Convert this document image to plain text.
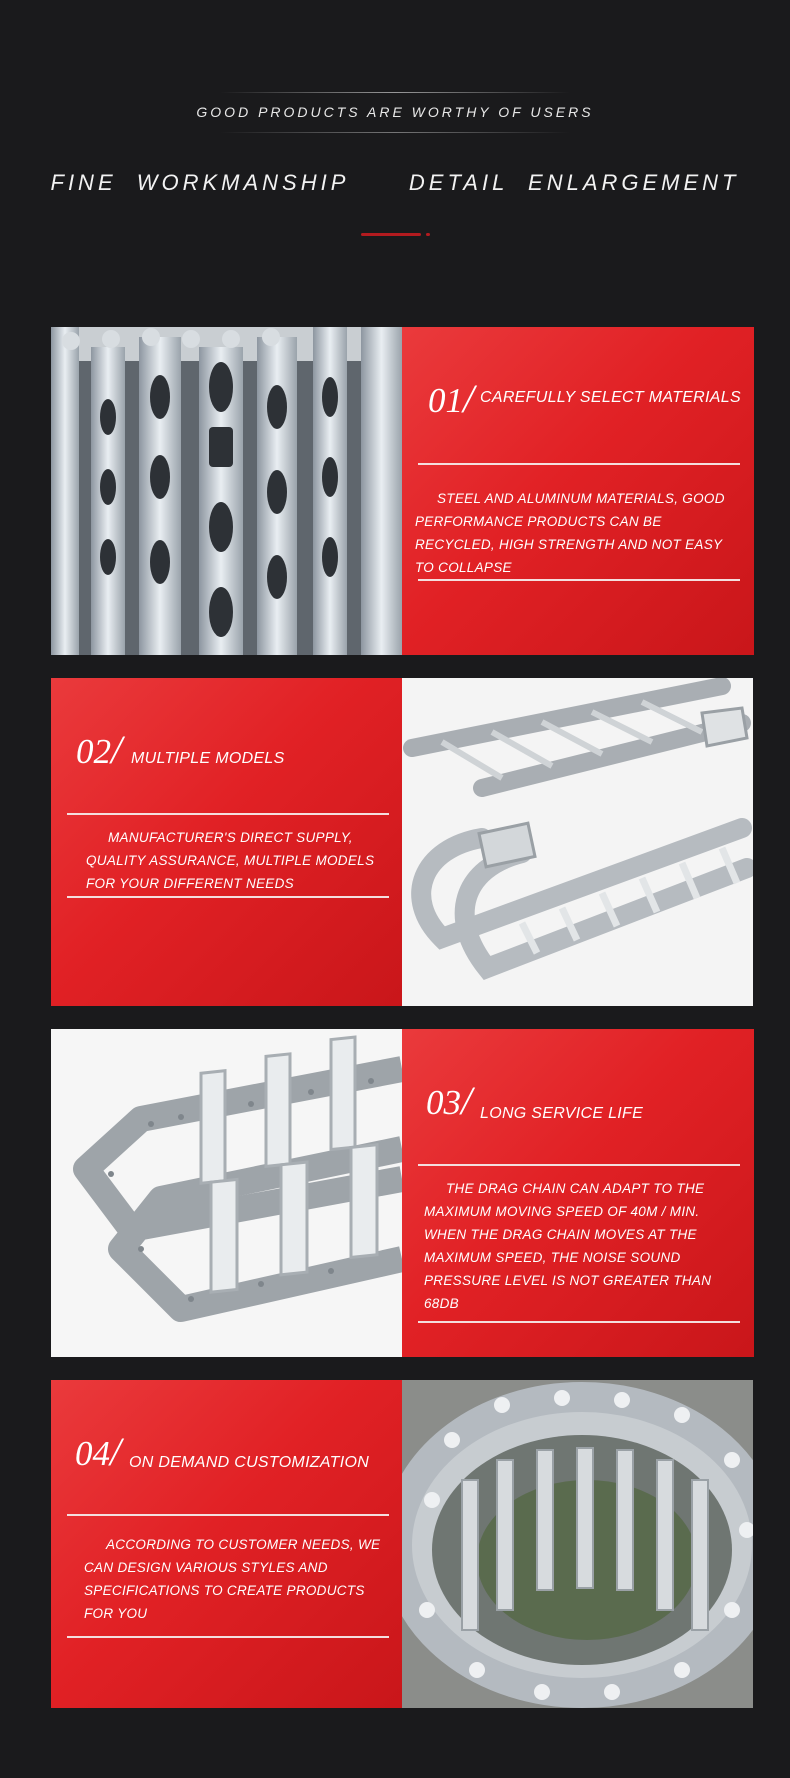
GOOD PRODUCTS ARE WORTHY OF USERS
FINE WORKMANSHIP   DETAIL ENLARGEMENT
01/ CAREFULLY SELECT MATERIALS
STEEL AND ALUMINUM MATERIALS, GOOD PERFORMANCE PRODUCTS CAN BE RECYCLED, HIGH STRENGTH AND NOT EASY TO COLLAPSE
02/ MULTIPLE MODELS
MANUFACTURER'S DIRECT SUPPLY, QUALITY ASSURANCE, MULTIPLE MODELS FOR YOUR DIFFERENT NEEDS
03/ LONG SERVICE LIFE
THE DRAG CHAIN CAN ADAPT TO THE MAXIMUM MOVING SPEED OF 40M / MIN. WHEN THE DRAG CHAIN MOVES AT THE MAXIMUM SPEED, THE NOISE SOUND PRESSURE LEVEL IS NOT GREATER THAN 68DB
04/ ON DEMAND CUSTOMIZATION
ACCORDING TO CUSTOMER NEEDS, WE CAN DESIGN VARIOUS STYLES AND SPECIFICATIONS TO CREATE PRODUCTS FOR YOU
